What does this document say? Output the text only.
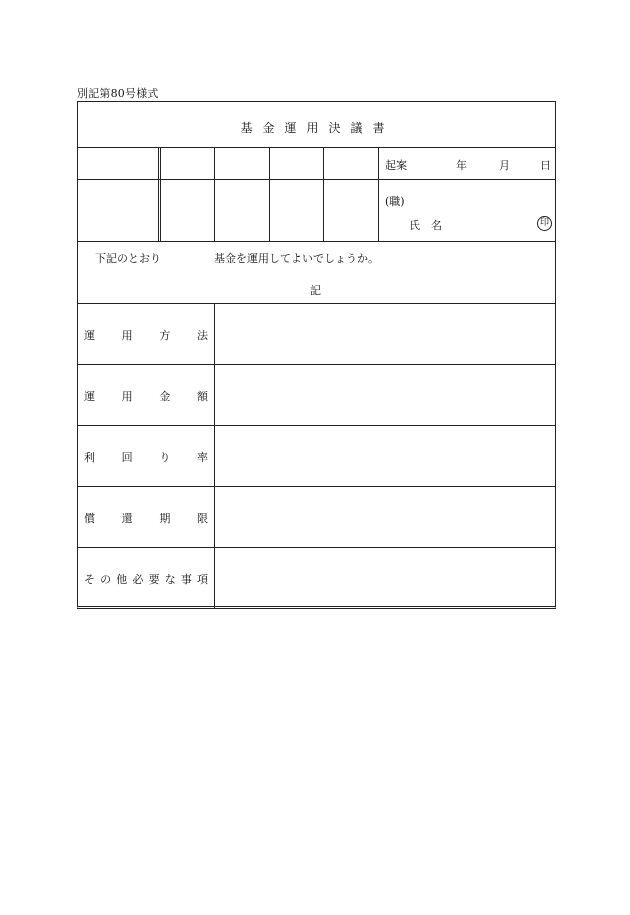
別記第80号様式
基金運用決議書
起案	年	月	日
(職)
氏　名	印
下記のとおり	基金を運用してよいでしょうか。
記
運 用 方 法
運 用 金 額
利 回 り 率
償 還 期 限
そ の 他 必 要 な 事 項
